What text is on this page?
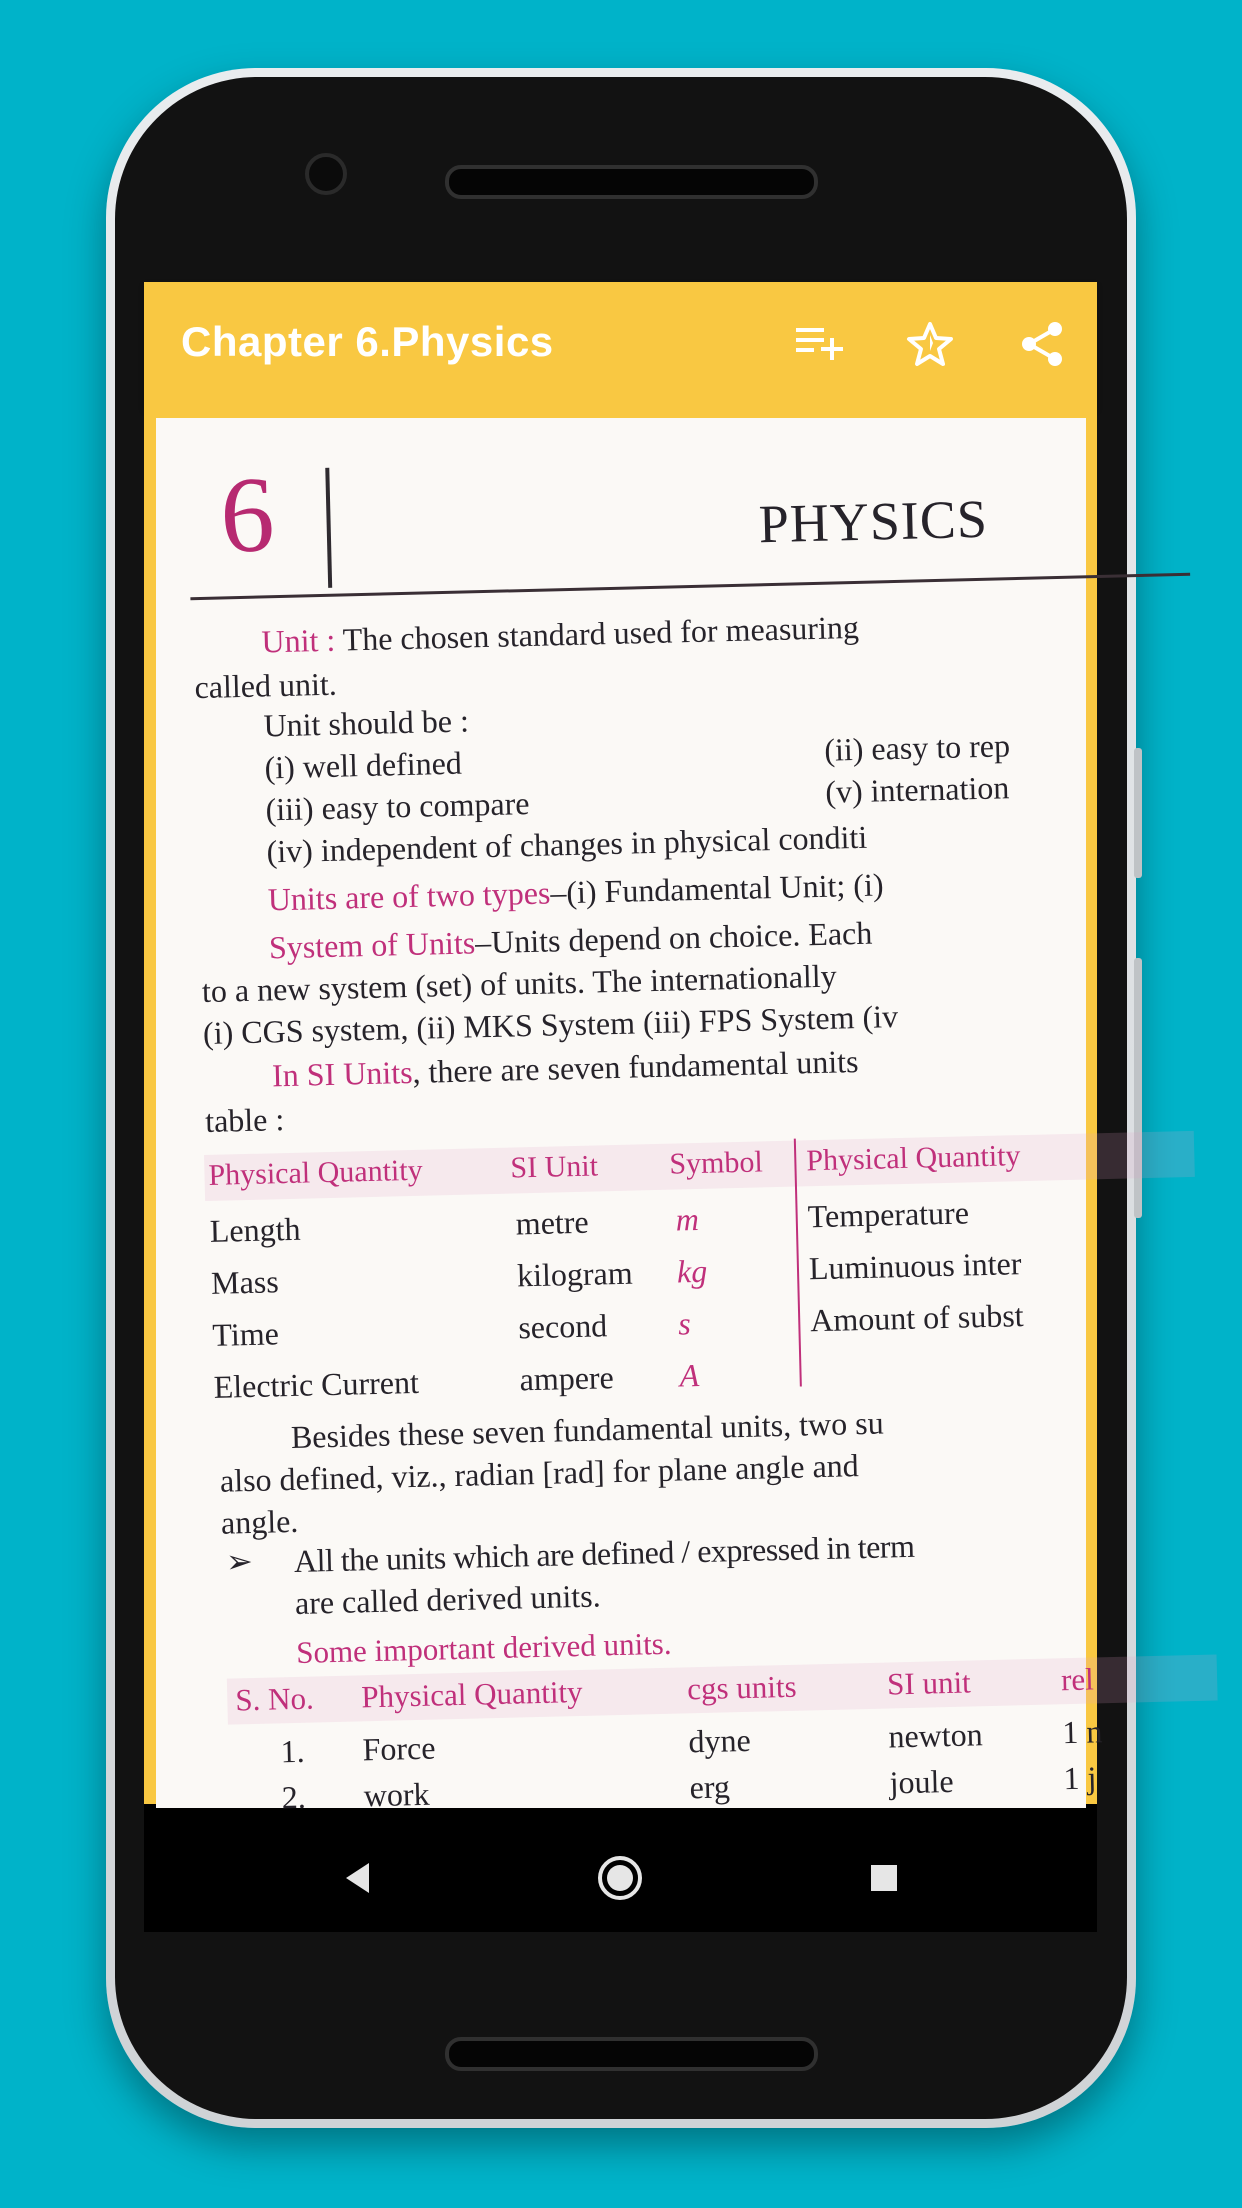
Chapter 6.Physics
6	PHYSICS
Unit : The chosen standard used for measuring
called unit.
Unit should be :
(i) well defined	(ii) easy to rep
(iii) easy to compare	(v) internation
(iv) independent of changes in physical conditi
Units are of two types–(i) Fundamental Unit; (i)
System of Units–Units depend on choice. Each
to a new system (set) of units. The internationally
(i) CGS system, (ii) MKS System (iii) FPS System (iv
In SI Units, there are seven fundamental units
table :
Physical Quantity	SI Unit Symbol Physical Quantity
Length	metre	m	Temperature
Mass	kilogram kg	Luminuous inter
Time	second s	Amount of subst
Electric Current	ampere A
Besides these seven fundamental units, two su
also defined, viz., radian [rad] for plane angle and
angle.
➢ All the units which are defined / expressed in term
are called derived units.
Some important derived units.
S. No. Physical Quantity	cgs units	SI unit	rel
1. Force	dyne	newton 1 n
2. work	erg	joule	1 j
